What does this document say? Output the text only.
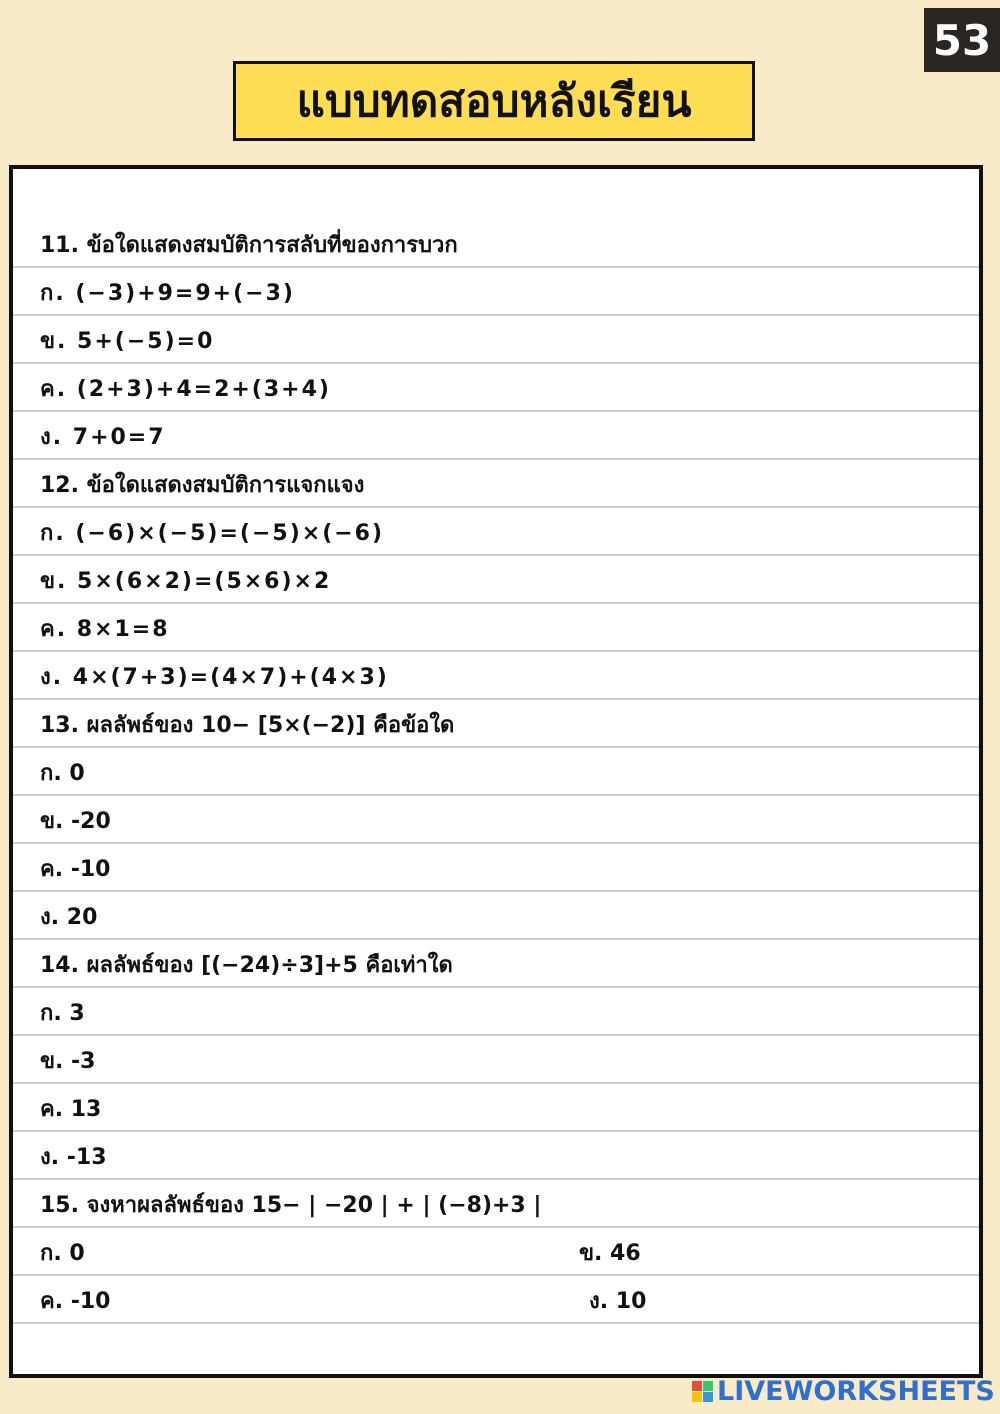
53
แบบทดสอบหลังเรียน
11. ข้อใดแสดงสมบัติการสลับที่ของการบวก
ก. (−3)+9=9+(−3)
ข. 5+(−5)=0
ค. (2+3)+4=2+(3+4)
ง. 7+0=7
12. ข้อใดแสดงสมบัติการแจกแจง
ก. (−6)×(−5)=(−5)×(−6)
ข. 5×(6×2)=(5×6)×2
ค. 8×1=8
ง. 4×(7+3)=(4×7)+(4×3)
13. ผลลัพธ์ของ 10− [5×(−2)] คือข้อใด
ก. 0
ข. -20
ค. -10
ง. 20
14. ผลลัพธ์ของ [(−24)÷3]+5 คือเท่าใด
ก. 3
ข. -3
ค. 13
ง. -13
15. จงหาผลลัพธ์ของ 15− | −20 | + | (−8)+3 |
ก. 0	ข. 46
ค. -10	ง. 10
LIVEWORKSHEETS
